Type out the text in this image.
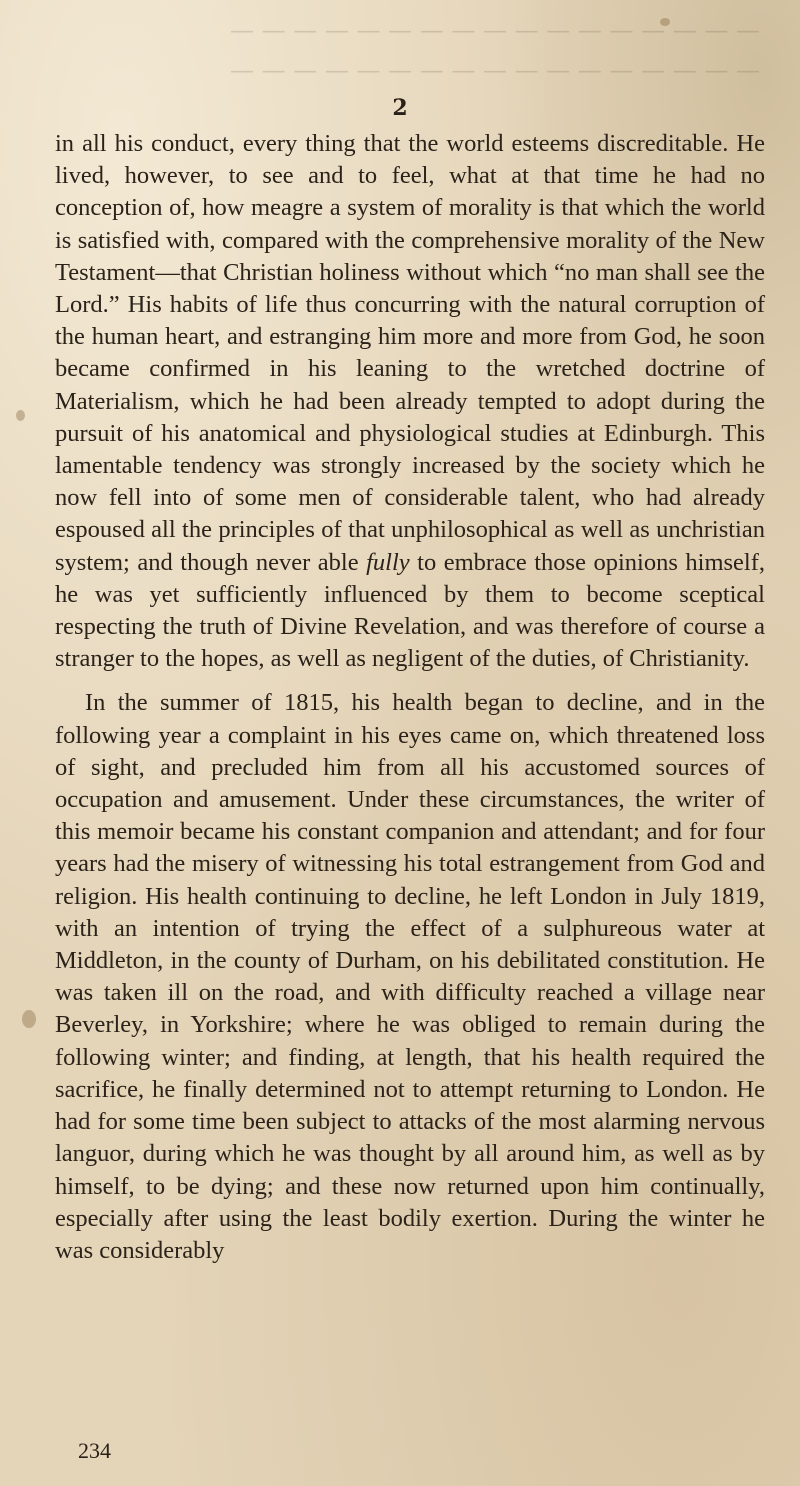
— — — — — — — — — — — — — — — — —
— — — — — — — — — — — — — — — — —
2

in all his conduct, every thing that the world esteems discreditable. He lived, however, to see and to feel, what at that time he had no conception of, how meagre a system of morality is that which the world is satisfied with, compared with the comprehensive morality of the New Testament—that Christian holiness without which “no man shall see the Lord.” His habits of life thus concurring with the natural corruption of the human heart, and estranging him more and more from God, he soon became confirmed in his leaning to the wretched doctrine of Materialism, which he had been already tempted to adopt during the pursuit of his anatomical and physiological studies at Edinburgh. This lamentable tendency was strongly increased by the society which he now fell into of some men of considerable talent, who had already espoused all the principles of that unphilosophical as well as unchristian system; and though never able fully to embrace those opinions himself, he was yet sufficiently influenced by them to become sceptical respecting the truth of Divine Revelation, and was therefore of course a stranger to the hopes, as well as negligent of the duties, of Christianity.

In the summer of 1815, his health began to decline, and in the following year a complaint in his eyes came on, which threatened loss of sight, and precluded him from all his accustomed sources of occupation and amusement. Under these circumstances, the writer of this memoir became his constant companion and attendant; and for four years had the misery of witnessing his total estrangement from God and religion. His health continuing to decline, he left London in July 1819, with an intention of trying the effect of a sulphureous water at Middleton, in the county of Durham, on his debilitated constitution. He was taken ill on the road, and with difficulty reached a village near Beverley, in Yorkshire; where he was obliged to remain during the following winter; and finding, at length, that his health required the sacrifice, he finally determined not to attempt returning to London. He had for some time been subject to attacks of the most alarming nervous languor, during which he was thought by all around him, as well as by himself, to be dying; and these now returned upon him continually, especially after using the least bodily exertion. During the winter he was considerably

234
